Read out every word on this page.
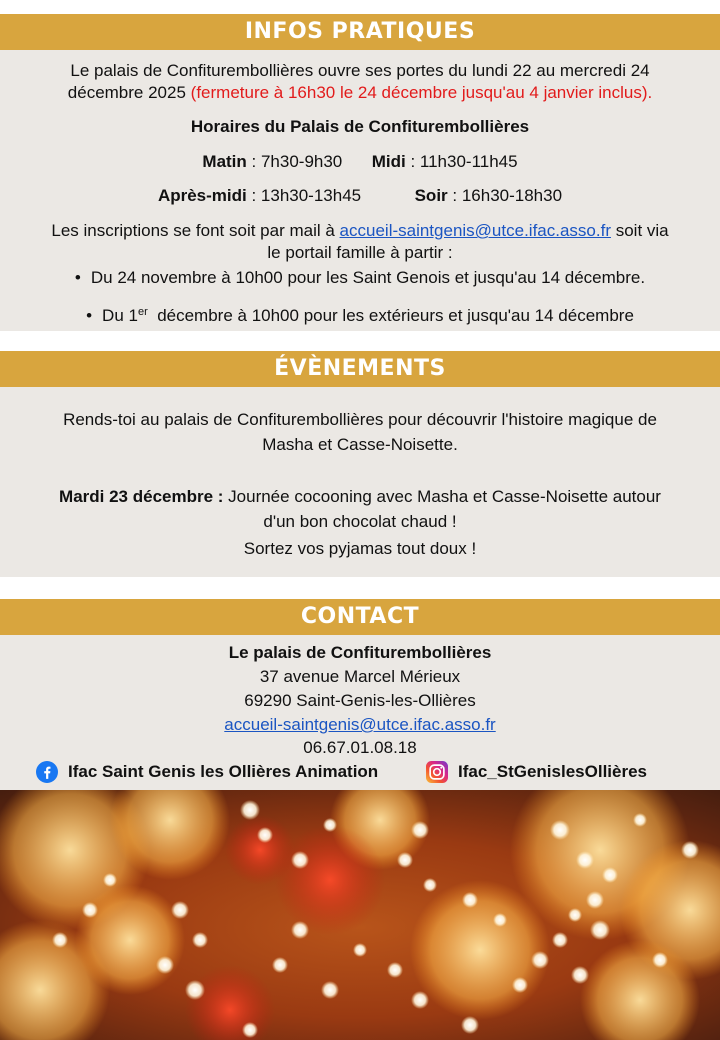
INFOS PRATIQUES
Le palais de Confiturembollières ouvre ses portes du lundi 22 au mercredi 24
décembre 2025 (fermeture à 16h30 le 24 décembre jusqu'au 4 janvier inclus).
Horaires du Palais de Confiturembollières
Matin : 7h30-9h30 Midi : 11h30-11h45
Après-midi : 13h30-13h45	Soir : 16h30-18h30
Les inscriptions se font soit par mail à accueil-saintgenis@utce.ifac.asso.fr soit via
le portail famille à partir :
• Du 24 novembre à 10h00 pour les Saint Genois et jusqu'au 14 décembre.
• Du 1er  décembre à 10h00 pour les extérieurs et jusqu'au 14 décembre
ÉVÈNEMENTS
Rends-toi au palais de Confiturembollières pour découvrir l'histoire magique de
Masha et Casse-Noisette.
Mardi 23 décembre : Journée cocooning avec Masha et Casse-Noisette autour
d'un bon chocolat chaud !
Sortez vos pyjamas tout doux !
CONTACT
Le palais de Confiturembollières
37 avenue Marcel Mérieux
69290 Saint-Genis-les-Ollières
accueil-saintgenis@utce.ifac.asso.fr
06.67.01.08.18
Ifac Saint Genis les Ollières Animation	Ifac_StGenislesOllières
